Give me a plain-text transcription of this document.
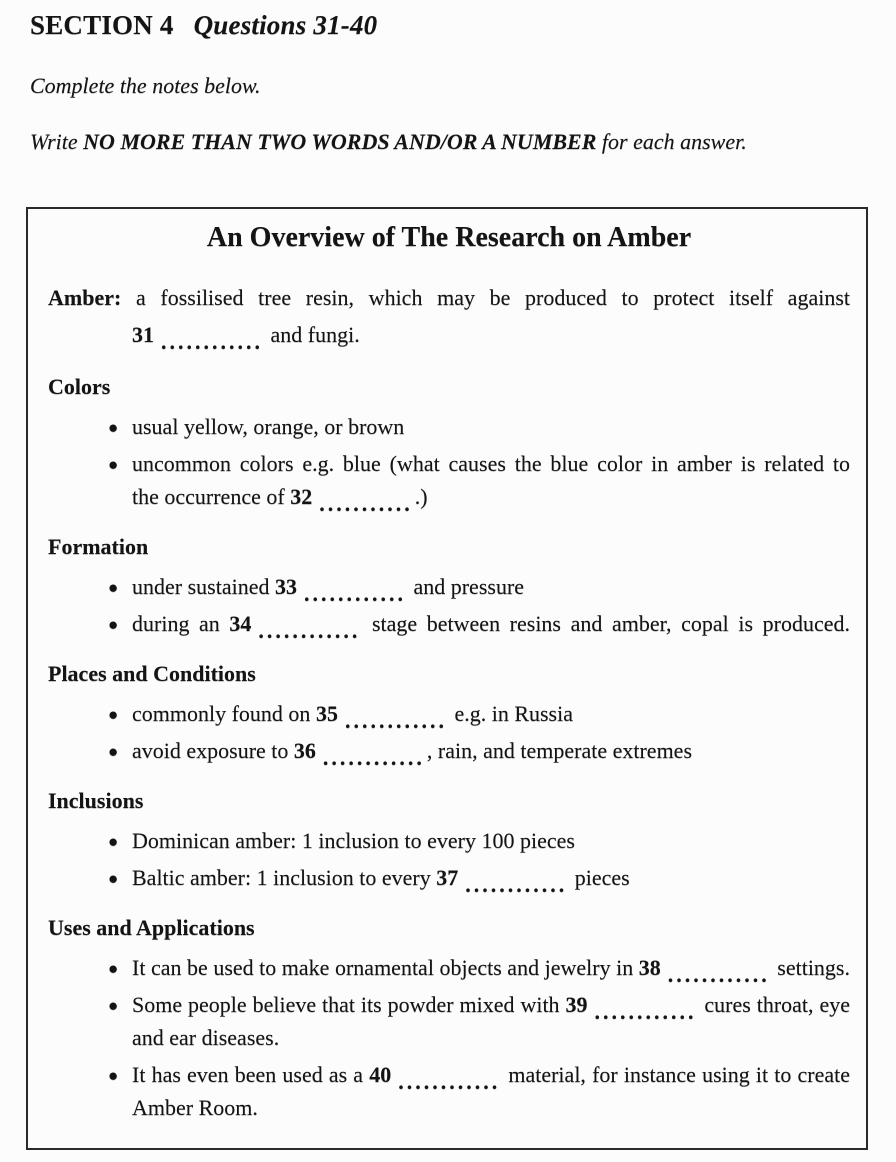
SECTION 4 Questions 31-40
Complete the notes below.
Write NO MORE THAN TWO WORDS AND/OR A NUMBER for each answer.
An Overview of The Research on Amber
Amber: a fossilised tree resin, which may be produced to protect itself against
31 ............ and fungi.
Colors
● usual yellow, orange, or brown
● uncommon colors e.g. blue (what causes the blue color in amber is related to
the occurrence of 32 ............)
Formation
● under sustained 33 ............ and pressure
● during an 34 ............ stage between resins and amber, copal is produced.
Places and Conditions
● commonly found on 35 ............ e.g. in Russia
● avoid exposure to 36 ............, rain, and temperate extremes
Inclusions
● Dominican amber: 1 inclusion to every 100 pieces
● Baltic amber: 1 inclusion to every 37 ............ pieces
Uses and Applications
● It can be used to make ornamental objects and jewelry in 38 ............ settings.
● Some people believe that its powder mixed with 39 ............ cures throat, eye
and ear diseases.
● It has even been used as a 40 ............ material, for instance using it to create
Amber Room.
